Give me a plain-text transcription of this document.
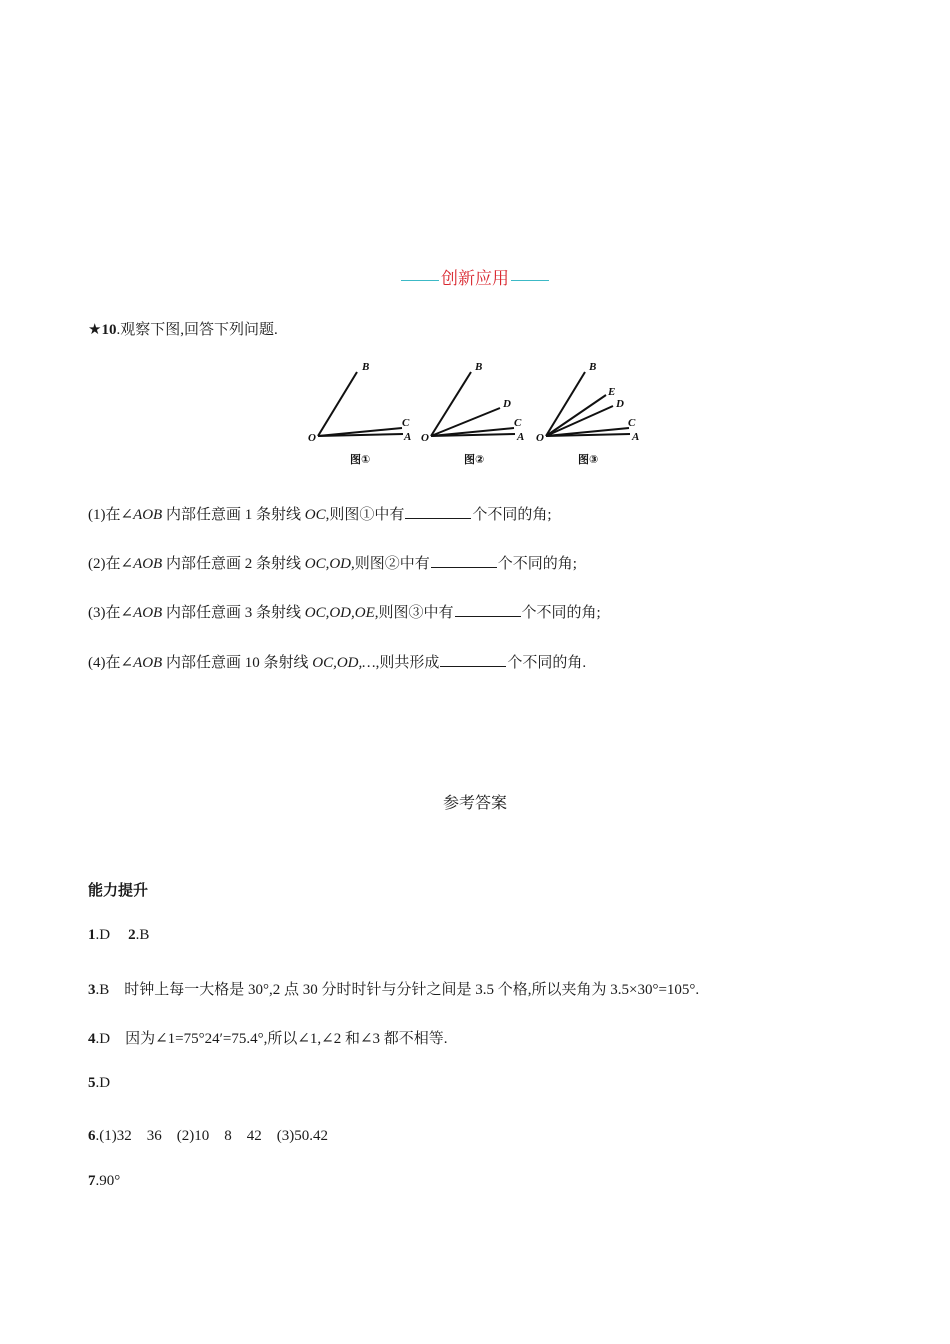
创新应用
★10.观察下图,回答下列问题.
O
B
C
A
图①
O
B
D
C
A
图②
O
B
E
D
C
A
图③
(1)在∠AOB 内部任意画 1 条射线 OC,则图①中有	个不同的角;
(2)在∠AOB 内部任意画 2 条射线 OC,OD,则图②中有	个不同的角;
(3)在∠AOB 内部任意画 3 条射线 OC,OD,OE,则图③中有	个不同的角;
(4)在∠AOB 内部任意画 10 条射线 OC,OD,…,则共形成	个不同的角.
参考答案
能力提升
1.D 2.B
3.B　时钟上每一大格是 30°,2 点 30 分时时针与分针之间是 3.5 个格,所以夹角为 3.5×30°=105°.
4.D　因为∠1=75°24′=75.4°,所以∠1,∠2 和∠3 都不相等.
5.D
6.(1)32　36　(2)10　8　42　(3)50.42
7.90°
